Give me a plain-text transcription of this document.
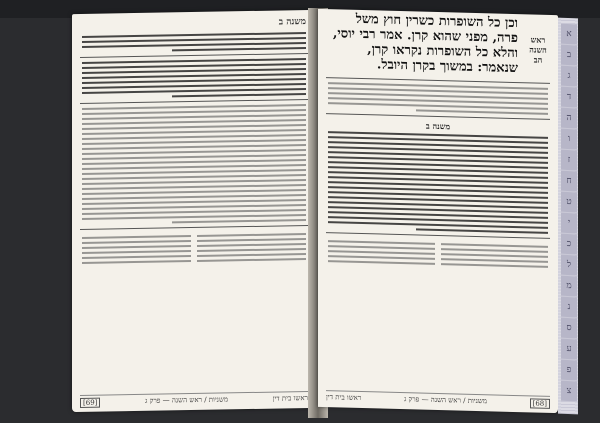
משנה ב
ראשו בית דין
משניות / ראש השנה — פרק ג
[69]
ראש השנה
הב
וכן כל השופרות כשרין חוץ משל פרה, מפני שהוא קרן. אמר רבי יוסי, והלא כל השופרות נקראו קרן, שנאמר: במשוך בקרן היובל.
משנה ב
[68]
משניות / ראש השנה — פרק ג
ראשו בית דין
א
ב
ג
ד
ה
ו
ז
ח
ט
י
כ
ל
מ
נ
ס
ע
פ
צ
